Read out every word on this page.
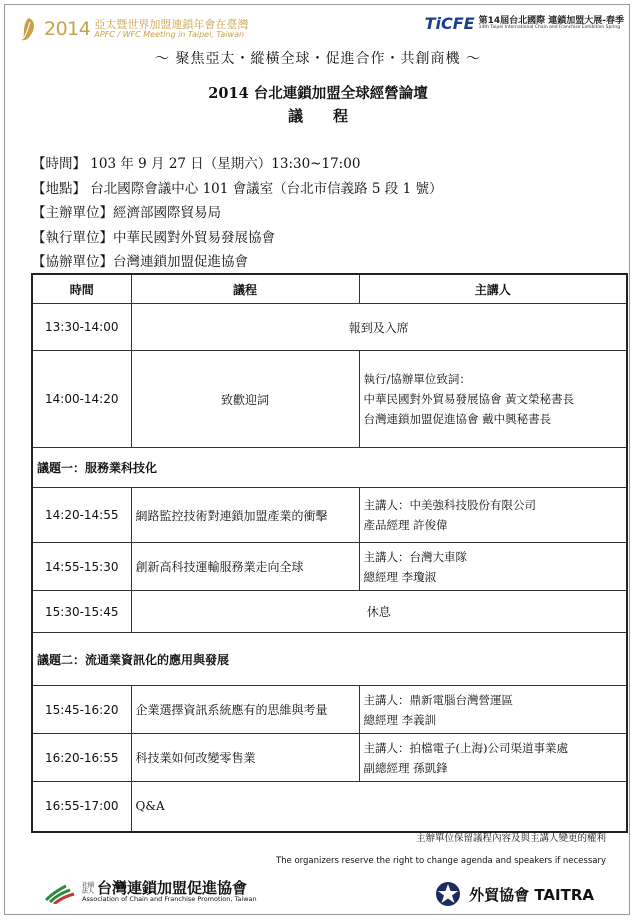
2014 亞太暨世界加盟連鎖年會在臺灣
APFC / WFC Meeting in Taipei, Taiwan
TiCFE 第14屆台北國際 連鎖加盟大展-春季
14th Taipei International Chain and Franchise Exhibition Spring
～ 聚焦亞太・縱橫全球・促進合作・共創商機 ～
2014 台北連鎖加盟全球經營論壇
議程
【時間】 103 年 9 月 27 日（星期六）13:30~17:00
【地點】 台北國際會議中心 101 會議室（台北市信義路 5 段 1 號）
【主辦單位】經濟部國際貿易局
【執行單位】中華民國對外貿易發展協會
【協辦單位】台灣連鎖加盟促進協會
時間	議程	主講人
13:30-14:00	報到及入席	
14:00-14:20	致歡迎詞	執行/協辦單位致詞：
中華民國對外貿易發展協會 黃文榮秘書長
台灣連鎖加盟促進協會 戴中興秘書長

議題一：服務業科技化		
14:20-14:55	網路監控技術對連鎖加盟產業的衝擊	主講人：中美強科技股份有限公司
產品經理 許俊偉

14:55-15:30	創新高科技運輸服務業走向全球	主講人：台灣大車隊
總經理 李瓊淑

15:30-15:45	休息	
議題二：流通業資訊化的應用與發展		
15:45-16:20	企業選擇資訊系統應有的思維與考量	主講人：鼎新電腦台灣營運區
總經理 李義訓

16:20-16:55	科技業如何改變零售業	主講人：拍檔電子(上海)公司渠道事業處
副總經理 孫凱鋒

16:55-17:00	Q&A	
主辦單位保留議程內容及與主講人變更的權利
The organizers reserve the right to change agenda and speakers if necessary
社團法人 台灣連鎖加盟促進協會
Association of Chain and Franchise Promotion, Taiwan	外貿協會 TAITRA
